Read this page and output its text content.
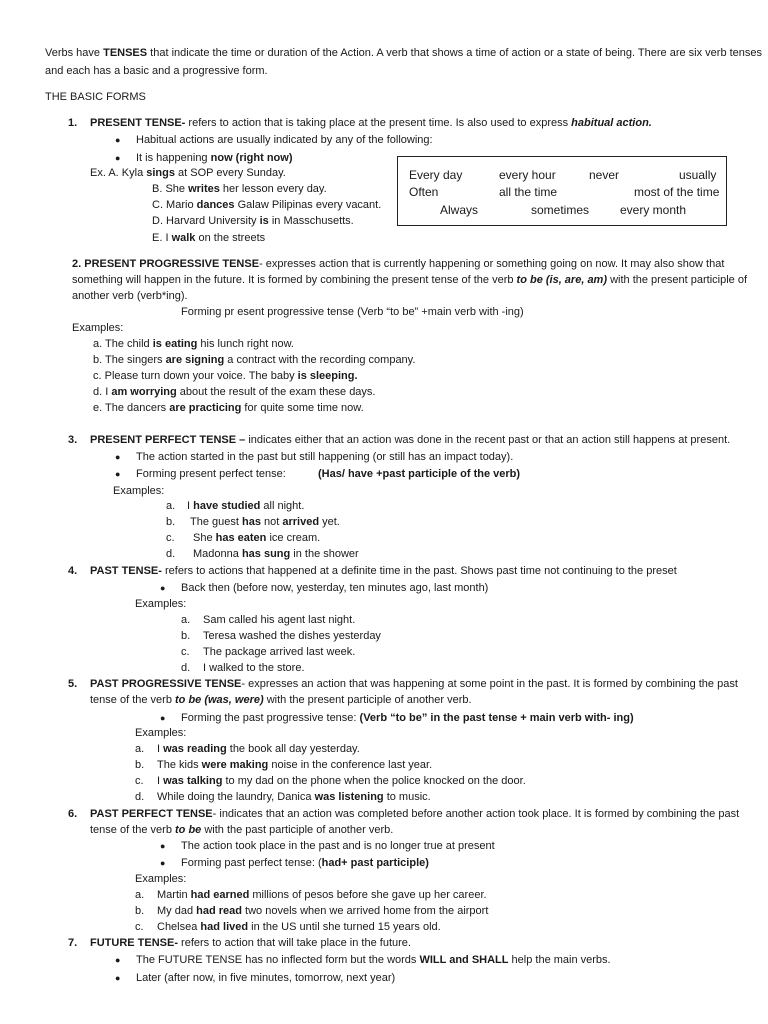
Verbs have TENSES that indicate the time or duration of the Action. A verb that shows a time of action or a state of being. There are six verb tenses
and each has a basic and a progressive form.
THE BASIC FORMS
1. PRESENT TENSE- refers to action that is taking place at the present time. Is also used to express habitual action.
● Habitual actions are usually indicated by any of the following:
● It is happening now (right now)
Ex. A. Kyla sings at SOP every Sunday.
B. She writes her lesson every day.
C. Mario dances Galaw Pilipinas every vacant.
D. Harvard University is in Masschusetts.
E. I walk on the streets
Every day	every hour	never	usually
Often	all the time	most of the time
Always	sometimes	every month
2. PRESENT PROGRESSIVE TENSE- expresses action that is currently happening or something going on now. It may also show that
something will happen in the future. It is formed by combining the present tense of the verb to be (is, are, am) with the present participle of
another verb (verb*ing).
Forming pr esent progressive tense (Verb “to be” +main verb with -ing)
Examples:
a. The child is eating his lunch right now.
b. The singers are signing a contract with the recording company.
c. Please turn down your voice. The baby is sleeping.
d. I am worrying about the result of the exam these days.
e. The dancers are practicing for quite some time now.
3. PRESENT PERFECT TENSE – indicates either that an action was done in the recent past or that an action still happens at present.
● The action started in the past but still happening (or still has an impact today).
● Forming present perfect tense:	(Has/ have +past participle of the verb)
Examples:
a. I have studied all night.
b. The guest has not arrived yet.
c. She has eaten ice cream.
d. Madonna has sung in the shower
4. PAST TENSE- refers to actions that happened at a definite time in the past. Shows past time not continuing to the preset
● Back then (before now, yesterday, ten minutes ago, last month)
Examples:
a. Sam called his agent last night.
b. Teresa washed the dishes yesterday
c. The package arrived last week.
d. I walked to the store.
5. PAST PROGRESSIVE TENSE- expresses an action that was happening at some point in the past. It is formed by combining the past
tense of the verb to be (was, were) with the present participle of another verb.
● Forming the past progressive tense: (Verb “to be” in the past tense + main verb with- ing)
Examples:
a. I was reading the book all day yesterday.
b. The kids were making noise in the conference last year.
c. I was talking to my dad on the phone when the police knocked on the door.
d. While doing the laundry, Danica was listening to music.
6. PAST PERFECT TENSE- indicates that an action was completed before another action took place. It is formed by combining the past
tense of the verb to be with the past participle of another verb.
● The action took place in the past and is no longer true at present
● Forming past perfect tense: (had+ past participle)
Examples:
a. Martin had earned millions of pesos before she gave up her career.
b. My dad had read two novels when we arrived home from the airport
c. Chelsea had lived in the US until she turned 15 years old.
7. FUTURE TENSE- refers to action that will take place in the future.
● The FUTURE TENSE has no inflected form but the words WILL and SHALL help the main verbs.
● Later (after now, in five minutes, tomorrow, next year)
